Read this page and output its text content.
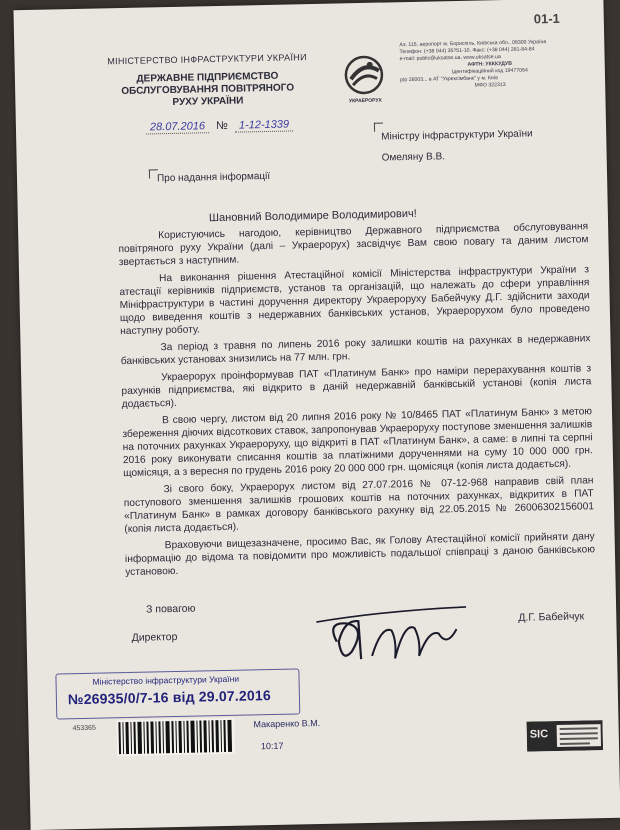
01-1
МІНІСТЕРСТВО ІНФРАСТРУКТУРИ УКРАЇНИ
ДЕРЖАВНЕ ПІДПРИЄМСТВО
ОБСЛУГОВУВАННЯ ПОВІТРЯНОГО
РУХУ УКРАЇНИ	УКРАЕРОРУХ
Аэ. 115, аеропорт м. Бориспіль, Київська обл., 08300 Україна
Телефон: (+38 044) 35?51-10, Факс: (+38 044) 281-84-84
e-mail: public@uksatse.ua, www.uksatse.ua
АФТН: УКККУДУВ
Ідентифікаційний код 19477064
р/р 26003... в АТ "Укрексімбанк" у м. Київ
МФО 322313
28.07.2016 № 1-12-1339
Міністру інфраструктури України
Омеляну В.В.
Про надання інформації
Шановний Володимире Володимирович!

Користуючись нагодою, керівництво Державного підприємства обслуговування повітряного руху України (далі – Украерорух) засвідчує Вам свою повагу та даним листом звертається з наступним.

На виконання рішення Атестаційної комісії Міністерства інфраструктури України з атестації керівників підприємств, установ та організацій, що належать до сфери управління Мініфраструктури в частині доручення директору Украероруху Бабейчуку Д.Г. здійснити заходи щодо виведення коштів з недержавних банківських установ, Украерорухом було проведено наступну роботу.

За період з травня по липень 2016 року залишки коштів на рахунках в недержавних банківських установах знизились на 77 млн. грн.

Украерорух проінформував ПАТ «Платинум Банк» про наміри перерахування коштів з рахунків підприємства, які відкрито в даній недержавній банківській установі (копія листа додається).

В свою чергу, листом від 20 липня 2016 року № 10/8465 ПАТ «Платинум Банк» з метою збереження діючих відсоткових ставок, запропонував Украероруху поступове зменшення залишків на поточних рахунках Украероруху, що відкриті в ПАТ «Платинум Банк», а саме: в липні та серпні 2016 року виконувати списання коштів за платіжними дорученнями на суму 10 000 000 грн. щомісяця, а з вересня по грудень 2016 року 20 000 000 грн. щомісяця (копія листа додається).

Зі свого боку, Украерорух листом від 27.07.2016 № 07-12-968 направив свій план поступового зменшення залишків грошових коштів на поточних рахунках, відкритих в ПАТ «Платинум Банк» в рамках договору банківського рахунку від 22.05.2015 № 26006302156001 (копія листа додається).

Враховуючи вищезазначене, просимо Вас, як Голову Атестаційної комісії прийняти дану інформацію до відома та повідомити про можливість подальшої співпраці з даною банківською установою.

З повагою
Директор
Д.Г. Бабейчук
Міністерство інфраструктури України
№26935/0/7-16 від 29.07.2016
453365	Макаренко В.М.
10:17
SIC
